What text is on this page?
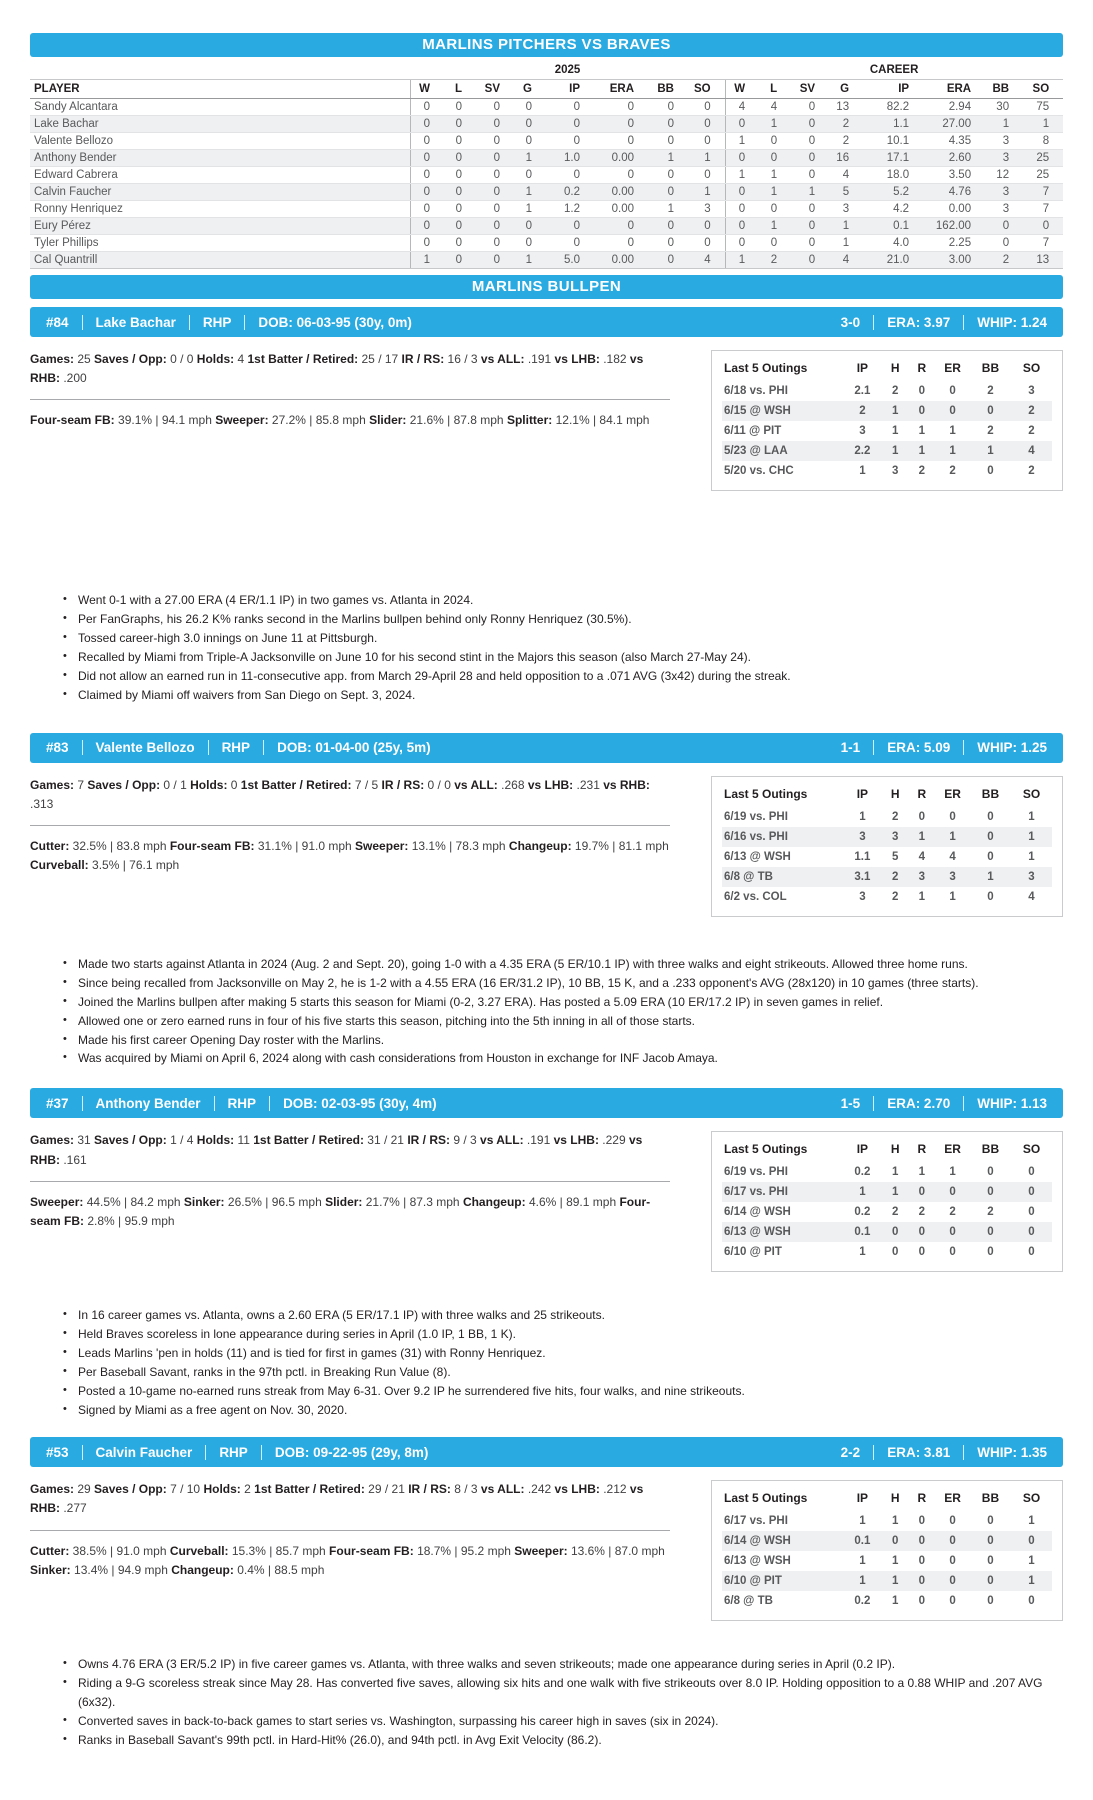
MARLINS PITCHERS VS BRAVES
	2025								CAREER							
PLAYER	W	L	SV	G	IP	ERA	BB	SO	W	L	SV	G	IP	ERA	BB	SO
Sandy Alcantara	0	0	0	0	0	0	0	0	4	4	0	13	82.2	2.94	30	75
Lake Bachar	0	0	0	0	0	0	0	0	0	1	0	2	1.1	27.00	1	1
Valente Bellozo	0	0	0	0	0	0	0	0	1	0	0	2	10.1	4.35	3	8
Anthony Bender	0	0	0	1	1.0	0.00	1	1	0	0	0	16	17.1	2.60	3	25
Edward Cabrera	0	0	0	0	0	0	0	0	1	1	0	4	18.0	3.50	12	25
Calvin Faucher	0	0	0	1	0.2	0.00	0	1	0	1	1	5	5.2	4.76	3	7
Ronny Henriquez	0	0	0	1	1.2	0.00	1	3	0	0	0	3	4.2	0.00	3	7
Eury Pérez	0	0	0	0	0	0	0	0	0	1	0	1	0.1	162.00	0	0
Tyler Phillips	0	0	0	0	0	0	0	0	0	0	0	1	4.0	2.25	0	7
Cal Quantrill	1	0	0	1	5.0	0.00	0	4	1	2	0	4	21.0	3.00	2	13
MARLINS BULLPEN
#84 Lake Bachar RHP DOB: 06-03-95 (30y, 0m)	3-0 ERA: 3.97 WHIP: 1.24

Games: 25 Saves / Opp: 0 / 0 Holds: 4 1st Batter / Retired: 25 / 17 IR / RS: 16 / 3 vs ALL: .191 vs LHB: .182 vs RHB: .200

Four-seam FB: 39.1% | 94.1 mph Sweeper: 27.2% | 85.8 mph Slider: 21.6% | 87.8 mph Splitter: 12.1% | 84.1 mph

Last 5 Outings	IP	H	R	ER	BB	SO
6/18 vs. PHI	2.1	2	0	0	2	3
6/15 @ WSH	2	1	0	0	0	2
6/11 @ PIT	3	1	1	1	2	2
5/23 @ LAA	2.2	1	1	1	1	4
5/20 vs. CHC	1	3	2	2	0	2
• Went 0-1 with a 27.00 ERA (4 ER/1.1 IP) in two games vs. Atlanta in 2024.
• Per FanGraphs, his 26.2 K% ranks second in the Marlins bullpen behind only Ronny Henriquez (30.5%).
• Tossed career-high 3.0 innings on June 11 at Pittsburgh.
• Recalled by Miami from Triple-A Jacksonville on June 10 for his second stint in the Majors this season (also March 27-May 24).
• Did not allow an earned run in 11-consecutive app. from March 29-April 28 and held opposition to a .071 AVG (3x42) during the streak.
• Claimed by Miami off waivers from San Diego on Sept. 3, 2024.
#83 Valente Bellozo RHP DOB: 01-04-00 (25y, 5m)	1-1 ERA: 5.09 WHIP: 1.25

Games: 7 Saves / Opp: 0 / 1 Holds: 0 1st Batter / Retired: 7 / 5 IR / RS: 0 / 0 vs ALL: .268 vs LHB: .231 vs RHB: .313

Cutter: 32.5% | 83.8 mph Four-seam FB: 31.1% | 91.0 mph Sweeper: 13.1% | 78.3 mph Changeup: 19.7% | 81.1 mph Curveball: 3.5% | 76.1 mph

Last 5 Outings	IP	H	R	ER	BB	SO
6/19 vs. PHI	1	2	0	0	0	1
6/16 vs. PHI	3	3	1	1	0	1
6/13 @ WSH	1.1	5	4	4	0	1
6/8 @ TB	3.1	2	3	3	1	3
6/2 vs. COL	3	2	1	1	0	4
• Made two starts against Atlanta in 2024 (Aug. 2 and Sept. 20), going 1-0 with a 4.35 ERA (5 ER/10.1 IP) with three walks and eight strikeouts. Allowed three home runs.
• Since being recalled from Jacksonville on May 2, he is 1-2 with a 4.55 ERA (16 ER/31.2 IP), 10 BB, 15 K, and a .233 opponent's AVG (28x120) in 10 games (three starts).
• Joined the Marlins bullpen after making 5 starts this season for Miami (0-2, 3.27 ERA). Has posted a 5.09 ERA (10 ER/17.2 IP) in seven games in relief.
• Allowed one or zero earned runs in four of his five starts this season, pitching into the 5th inning in all of those starts.
• Made his first career Opening Day roster with the Marlins.
• Was acquired by Miami on April 6, 2024 along with cash considerations from Houston in exchange for INF Jacob Amaya.
#37 Anthony Bender RHP DOB: 02-03-95 (30y, 4m)	1-5 ERA: 2.70 WHIP: 1.13

Games: 31 Saves / Opp: 1 / 4 Holds: 11 1st Batter / Retired: 31 / 21 IR / RS: 9 / 3 vs ALL: .191 vs LHB: .229 vs RHB: .161

Sweeper: 44.5% | 84.2 mph Sinker: 26.5% | 96.5 mph Slider: 21.7% | 87.3 mph Changeup: 4.6% | 89.1 mph Four-seam FB: 2.8% | 95.9 mph

Last 5 Outings	IP	H	R	ER	BB	SO
6/19 vs. PHI	0.2	1	1	1	0	0
6/17 vs. PHI	1	1	0	0	0	0
6/14 @ WSH	0.2	2	2	2	2	0
6/13 @ WSH	0.1	0	0	0	0	0
6/10 @ PIT	1	0	0	0	0	0
• In 16 career games vs. Atlanta, owns a 2.60 ERA (5 ER/17.1 IP) with three walks and 25 strikeouts.
• Held Braves scoreless in lone appearance during series in April (1.0 IP, 1 BB, 1 K).
• Leads Marlins 'pen in holds (11) and is tied for first in games (31) with Ronny Henriquez.
• Per Baseball Savant, ranks in the 97th pctl. in Breaking Run Value (8).
• Posted a 10-game no-earned runs streak from May 6-31. Over 9.2 IP he surrendered five hits, four walks, and nine strikeouts.
• Signed by Miami as a free agent on Nov. 30, 2020.
#53 Calvin Faucher RHP DOB: 09-22-95 (29y, 8m)	2-2 ERA: 3.81 WHIP: 1.35

Games: 29 Saves / Opp: 7 / 10 Holds: 2 1st Batter / Retired: 29 / 21 IR / RS: 8 / 3 vs ALL: .242 vs LHB: .212 vs RHB: .277

Cutter: 38.5% | 91.0 mph Curveball: 15.3% | 85.7 mph Four-seam FB: 18.7% | 95.2 mph Sweeper: 13.6% | 87.0 mph Sinker: 13.4% | 94.9 mph Changeup: 0.4% | 88.5 mph

Last 5 Outings	IP	H	R	ER	BB	SO
6/17 vs. PHI	1	1	0	0	0	1
6/14 @ WSH	0.1	0	0	0	0	0
6/13 @ WSH	1	1	0	0	0	1
6/10 @ PIT	1	1	0	0	0	1
6/8 @ TB	0.2	1	0	0	0	0
• Owns 4.76 ERA (3 ER/5.2 IP) in five career games vs. Atlanta, with three walks and seven strikeouts; made one appearance during series in April (0.2 IP).
• Riding a 9-G scoreless streak since May 28. Has converted five saves, allowing six hits and one walk with five strikeouts over 8.0 IP. Holding opposition to a 0.88 WHIP and .207 AVG (6x32).
• Converted saves in back-to-back games to start series vs. Washington, surpassing his career high in saves (six in 2024).
• Ranks in Baseball Savant's 99th pctl. in Hard-Hit% (26.0), and 94th pctl. in Avg Exit Velocity (86.2).
